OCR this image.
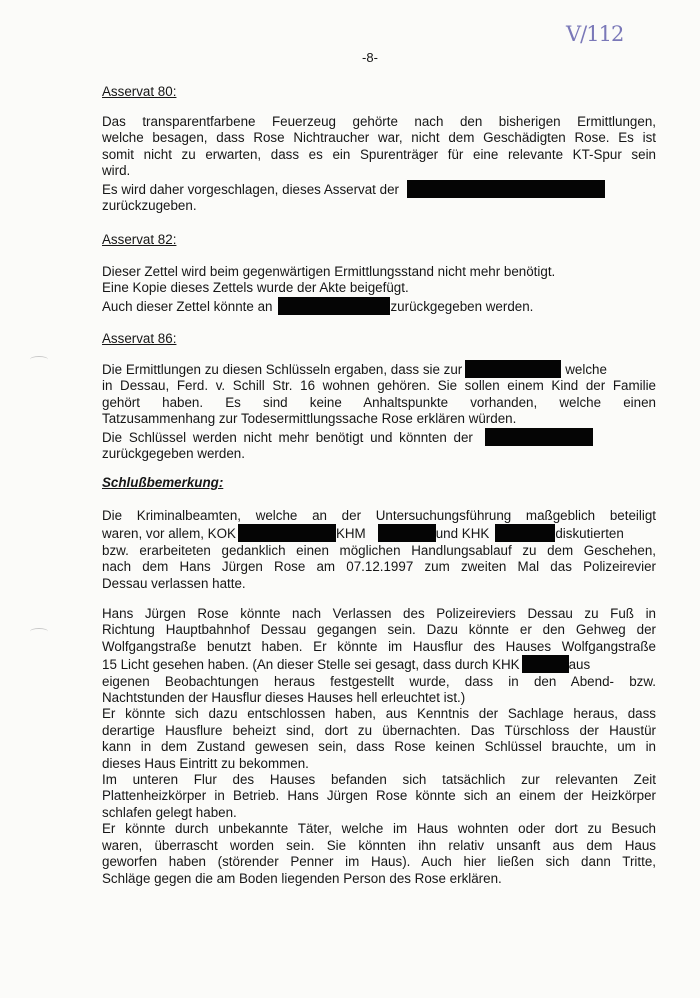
-8-
V/112
Asservat 80:
Das transparentfarbene Feuerzeug gehörte nach den bisherigen Ermittlungen,
welche besagen, dass Rose Nichtraucher war, nicht dem Geschädigten Rose. Es ist
somit nicht zu erwarten, dass es ein Spurenträger für eine relevante KT-Spur sein
wird.
Es wird daher vorgeschlagen, dieses Asservat der
zurückzugeben.
Asservat 82:
Dieser Zettel wird beim gegenwärtigen Ermittlungsstand nicht mehr benötigt.
Eine Kopie dieses Zettels wurde der Akte beigefügt.
Auch dieser Zettel könnte an	zurückgegeben werden.
Asservat 86:
Die Ermittlungen zu diesen Schlüsseln ergaben, dass sie zur	welche
in Dessau, Ferd. v. Schill Str. 16 wohnen gehören. Sie sollen einem Kind der Familie
gehört haben. Es sind keine Anhaltspunkte vorhanden, welche einen
Tatzusammenhang zur Todesermittlungssache Rose erklären würden.
Die Schlüssel werden nicht mehr benötigt und könnten der
zurückgegeben werden.
Schlußbemerkung:
Die Kriminalbeamten, welche an der Untersuchungsführung maßgeblich beteiligt
waren, vor allem, KOK	KHM	und KHK	diskutierten
bzw. erarbeiteten gedanklich einen möglichen Handlungsablauf zu dem Geschehen,
nach dem Hans Jürgen Rose am 07.12.1997 zum zweiten Mal das Polizeirevier
Dessau verlassen hatte.
Hans Jürgen Rose könnte nach Verlassen des Polizeireviers Dessau zu Fuß in
Richtung Hauptbahnhof Dessau gegangen sein. Dazu könnte er den Gehweg der
Wolfgangstraße benutzt haben. Er könnte im Hausflur des Hauses Wolfgangstraße
15 Licht gesehen haben. (An dieser Stelle sei gesagt, dass durch KHK	aus
eigenen Beobachtungen heraus festgestellt wurde, dass in den Abend- bzw.
Nachtstunden der Hausflur dieses Hauses hell erleuchtet ist.)
Er könnte sich dazu entschlossen haben, aus Kenntnis der Sachlage heraus, dass
derartige Hausflure beheizt sind, dort zu übernachten. Das Türschloss der Haustür
kann in dem Zustand gewesen sein, dass Rose keinen Schlüssel brauchte, um in
dieses Haus Eintritt zu bekommen.
Im unteren Flur des Hauses befanden sich tatsächlich zur relevanten Zeit
Plattenheizkörper in Betrieb. Hans Jürgen Rose könnte sich an einem der Heizkörper
schlafen gelegt haben.
Er könnte durch unbekannte Täter, welche im Haus wohnten oder dort zu Besuch
waren, überrascht worden sein. Sie könnten ihn relativ unsanft aus dem Haus
geworfen haben (störender Penner im Haus). Auch hier ließen sich dann Tritte,
Schläge gegen die am Boden liegenden Person des Rose erklären.
